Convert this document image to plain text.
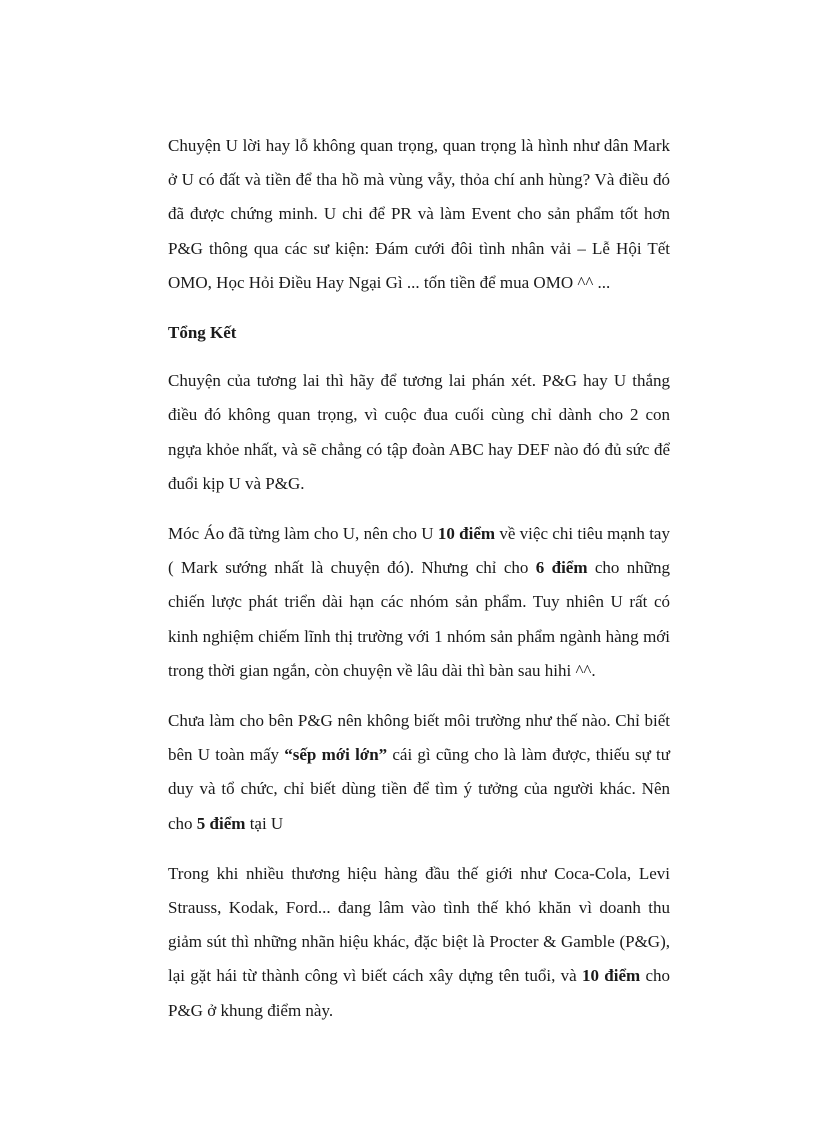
Chuyện U lời hay lỗ không quan trọng, quan trọng là hình như dân Mark ở U có đất và tiền để tha hồ mà vùng vẫy, thỏa chí anh hùng? Và điều đó đã được chứng minh. U chi để PR và làm Event cho sản phẩm tốt hơn P&G thông qua các sư kiện: Đám cưới đôi tình nhân vải – Lễ Hội Tết OMO, Học Hỏi Điều Hay Ngại Gì ... tốn tiền để mua OMO ^^ ...

Tổng Kết

Chuyện của tương lai thì hãy để tương lai phán xét. P&G hay U thắng điều đó không quan trọng, vì cuộc đua cuối cùng chỉ dành cho 2 con ngựa khỏe nhất, và sẽ chẳng có tập đoàn ABC hay DEF nào đó đủ sức để đuổi kịp U và P&G.

Móc Áo đã từng làm cho U, nên cho U 10 điểm về việc chi tiêu mạnh tay ( Mark sướng nhất là chuyện đó). Nhưng chỉ cho 6 điểm cho những chiến lược phát triển dài hạn các nhóm sản phẩm. Tuy nhiên U rất có kinh nghiệm chiếm lĩnh thị trường với 1 nhóm sản phẩm ngành hàng mới trong thời gian ngắn, còn chuyện về lâu dài thì bàn sau hihi ^^.

Chưa làm cho bên P&G nên không biết môi trường như thế nào. Chỉ biết bên U toàn mấy “sếp mới lớn” cái gì cũng cho là làm được, thiếu sự tư duy và tổ chức, chỉ biết dùng tiền để tìm ý tưởng của người khác. Nên cho 5 điểm tại U

Trong khi nhiều thương hiệu hàng đầu thế giới như Coca-Cola, Levi Strauss, Kodak, Ford... đang lâm vào tình thế khó khăn vì doanh thu giảm sút thì những nhãn hiệu khác, đặc biệt là Procter & Gamble (P&G), lại gặt hái từ thành công vì biết cách xây dựng tên tuổi, và 10 điểm cho P&G ở khung điểm này.
